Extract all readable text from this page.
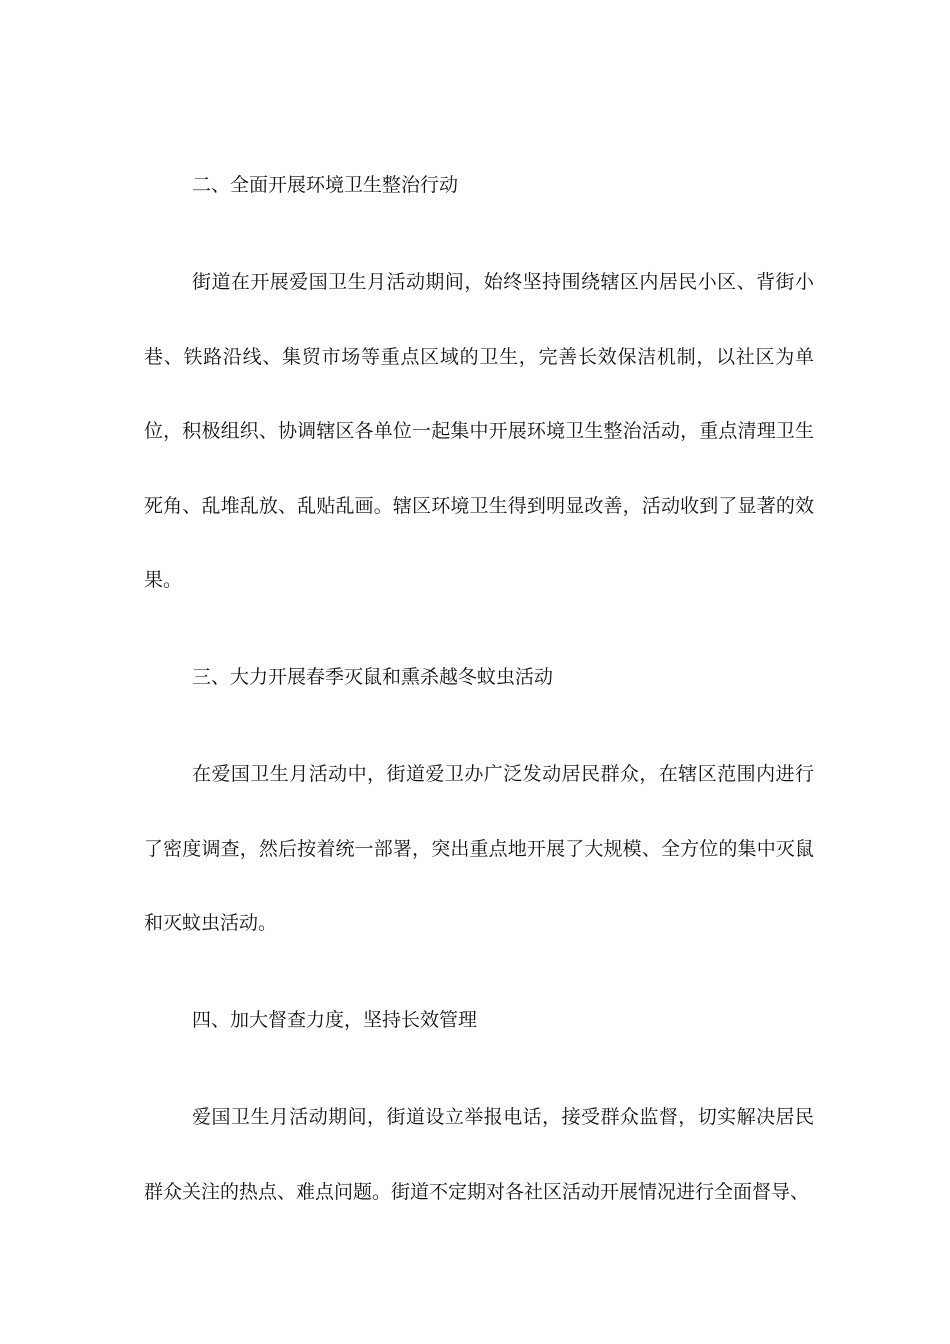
二、全面开展环境卫生整治行动

街道在开展爱国卫生月活动期间，始终坚持围绕辖区内居民小区、背街小巷、铁路沿线、集贸市场等重点区域的卫生，完善长效保洁机制，以社区为单位，积极组织、协调辖区各单位一起集中开展环境卫生整治活动，重点清理卫生死角、乱堆乱放、乱贴乱画。辖区环境卫生得到明显改善，活动收到了显著的效果。

三、大力开展春季灭鼠和熏杀越冬蚊虫活动

在爱国卫生月活动中，街道爱卫办广泛发动居民群众，在辖区范围内进行了密度调查，然后按着统一部署，突出重点地开展了大规模、全方位的集中灭鼠和灭蚊虫活动。

四、加大督查力度，坚持长效管理

爱国卫生月活动期间，街道设立举报电话，接受群众监督，切实解决居民群众关注的热点、难点问题。街道不定期对各社区活动开展情况进行全面督导、
